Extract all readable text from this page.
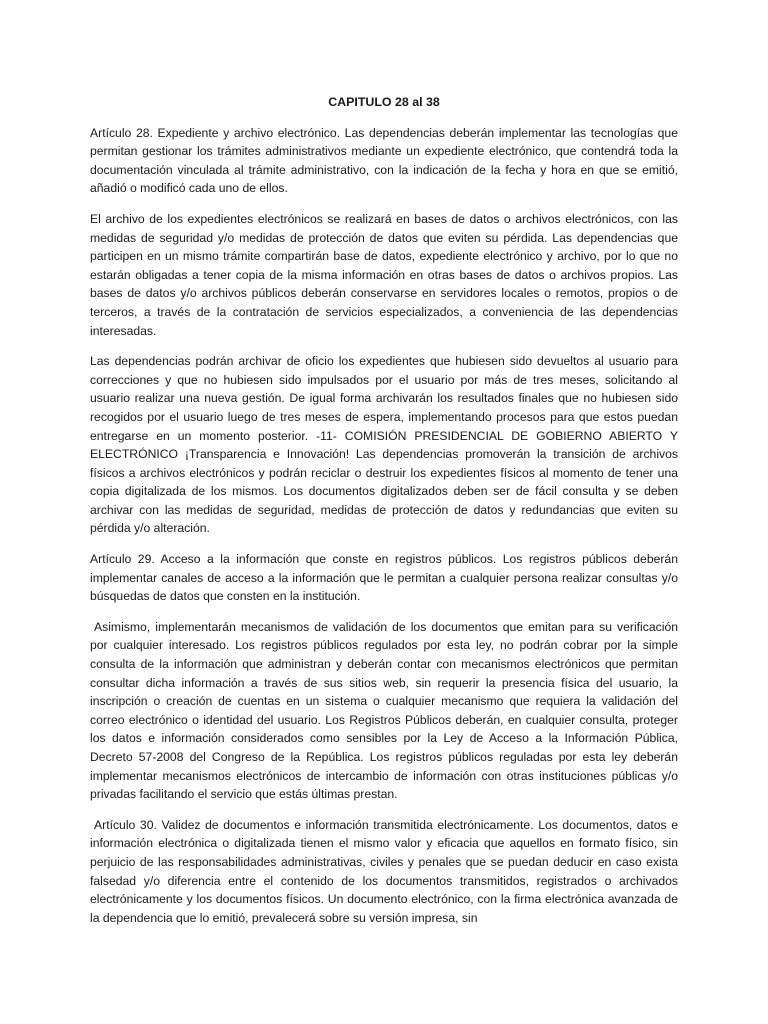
CAPITULO 28 al 38

Artículo 28. Expediente y archivo electrónico. Las dependencias deberán implementar las tecnologías que permitan gestionar los trámites administrativos mediante un expediente electrónico, que contendrá toda la documentación vinculada al trámite administrativo, con la indicación de la fecha y hora en que se emitió, añadió o modificó cada uno de ellos.

El archivo de los expedientes electrónicos se realizará en bases de datos o archivos electrónicos, con las medidas de seguridad y/o medidas de protección de datos que eviten su pérdida. Las dependencias que participen en un mismo trámite compartirán base de datos, expediente electrónico y archivo, por lo que no estarán obligadas a tener copia de la misma información en otras bases de datos o archivos propios. Las bases de datos y/o archivos públicos deberán conservarse en servidores locales o remotos, propios o de terceros, a través de la contratación de servicios especializados, a conveniencia de las dependencias interesadas.

Las dependencias podrán archivar de oficio los expedientes que hubiesen sido devueltos al usuario para correcciones y que no hubiesen sido impulsados por el usuario por más de tres meses, solicitando al usuario realizar una nueva gestión. De igual forma archivarán los resultados finales que no hubiesen sido recogidos por el usuario luego de tres meses de espera, implementando procesos para que estos puedan entregarse en un momento posterior. -11- COMISIÓN PRESIDENCIAL DE GOBIERNO ABIERTO Y ELECTRÓNICO ¡Transparencia e Innovación! Las dependencias promoverán la transición de archivos físicos a archivos electrónicos y podrán reciclar o destruir los expedientes físicos al momento de tener una copia digitalizada de los mismos. Los documentos digitalizados deben ser de fácil consulta y se deben archivar con las medidas de seguridad, medidas de protección de datos y redundancias que eviten su pérdida y/o alteración.

Artículo 29. Acceso a la información que conste en registros públicos. Los registros públicos deberán implementar canales de acceso a la información que le permitan a cualquier persona realizar consultas y/o búsquedas de datos que consten en la institución.

Asimismo, implementarán mecanismos de validación de los documentos que emitan para su verificación por cualquier interesado. Los registros públicos regulados por esta ley, no podrán cobrar por la simple consulta de la información que administran y deberán contar con mecanismos electrónicos que permitan consultar dicha información a través de sus sitios web, sin requerir la presencia física del usuario, la inscripción o creación de cuentas en un sistema o cualquier mecanismo que requiera la validación del correo electrónico o identidad del usuario. Los Registros Públicos deberán, en cualquier consulta, proteger los datos e información considerados como sensibles por la Ley de Acceso a la Información Pública, Decreto 57-2008 del Congreso de la República. Los registros públicos reguladas por esta ley deberán implementar mecanismos electrónicos de intercambio de información con otras instituciones públicas y/o privadas facilitando el servicio que estás últimas prestan.

Artículo 30. Validez de documentos e información transmitida electrónicamente. Los documentos, datos e información electrónica o digitalizada tienen el mismo valor y eficacia que aquellos en formato físico, sin perjuicio de las responsabilidades administrativas, civiles y penales que se puedan deducir en caso exista falsedad y/o diferencia entre el contenido de los documentos transmitidos, registrados o archivados electrónicamente y los documentos físicos. Un documento electrónico, con la firma electrónica avanzada de la dependencia que lo emitió, prevalecerá sobre su versión impresa, sin
